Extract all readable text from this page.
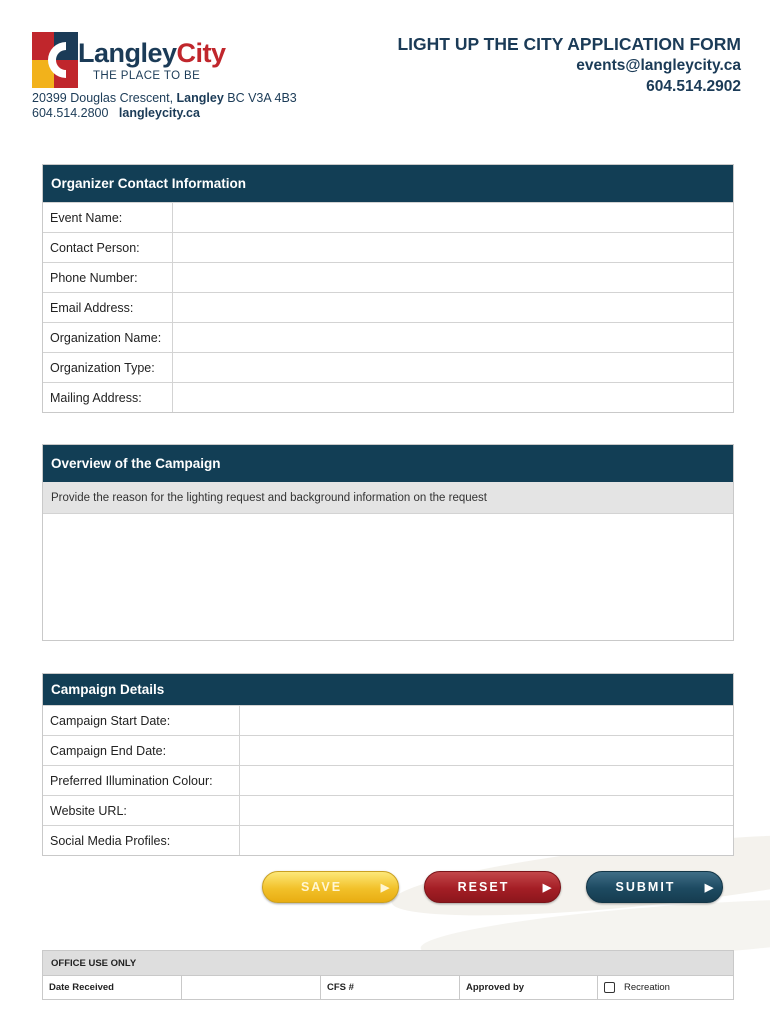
LangleyCity
THE PLACE TO BE
20399 Douglas Crescent, Langley BC V3A 4B3
604.514.2800 langleycity.ca
LIGHT UP THE CITY APPLICATION FORM
events@langleycity.ca
604.514.2902
Organizer Contact Information
Event Name:
Contact Person:
Phone Number:
Email Address:
Organization Name:
Organization Type:
Mailing Address:
Overview of the Campaign
Provide the reason for the lighting request and background information on the request
Campaign Details
Campaign Start Date:
Campaign End Date:
Preferred Illumination Colour:
Website URL:
Social Media Profiles:
SAVE	▶	RESET	▶	SUBMIT	▶
OFFICE USE ONLY
Date Received	CFS #	Approved by	Recreation
